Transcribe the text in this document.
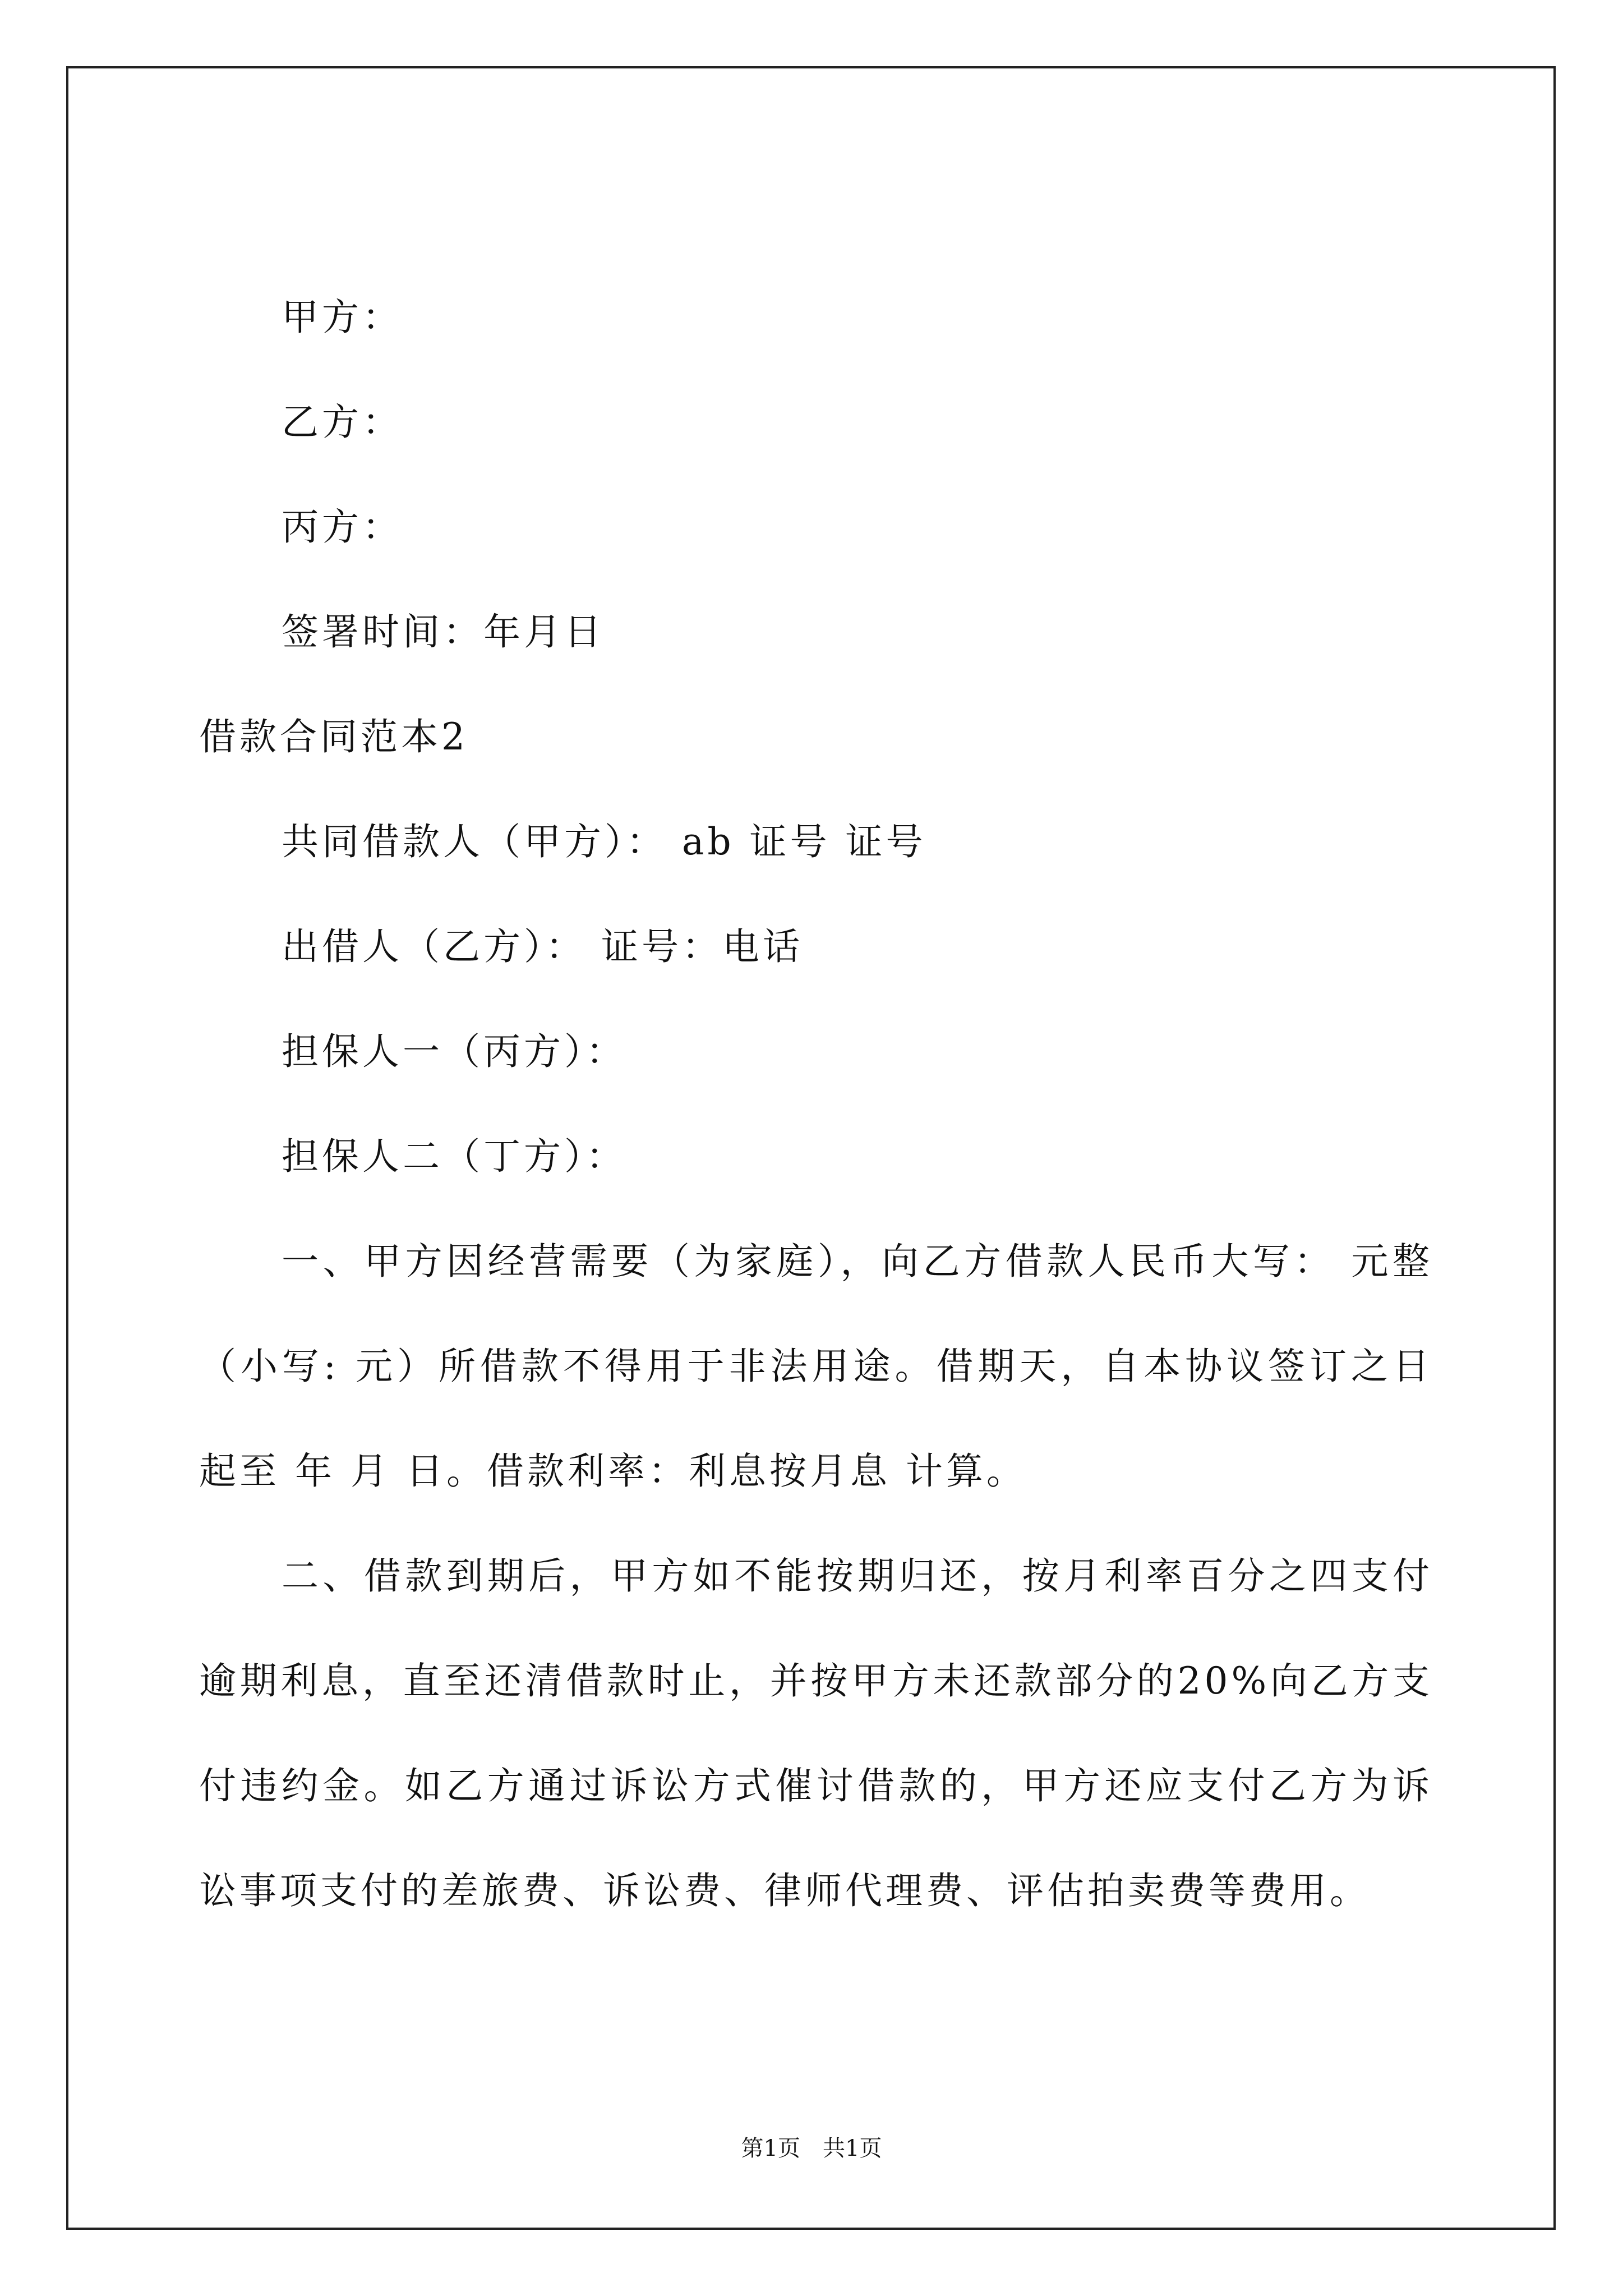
甲方：
乙方：
丙方：
签署时间：年月日
借款合同范本2
共同借款人（甲方）： ab 证号 证号
出借人（乙方）： 证号：电话
担保人一（丙方）：
担保人二（丁方）：
一、甲方因经营需要（为家庭），向乙方借款人民币大写： 元整
（小写: 元）所借款不得用于非法用途。借期天，自本协议签订之日
起至 年 月 日。借款利率：利息按月息 计算。
二、借款到期后，甲方如不能按期归还，按月利率百分之四支付
逾期利息，直至还清借款时止，并按甲方未还款部分的20%向乙方支
付违约金。如乙方通过诉讼方式催讨借款的，甲方还应支付乙方为诉
讼事项支付的差旅费、诉讼费、律师代理费、评估拍卖费等费用。
第1页　共1页
